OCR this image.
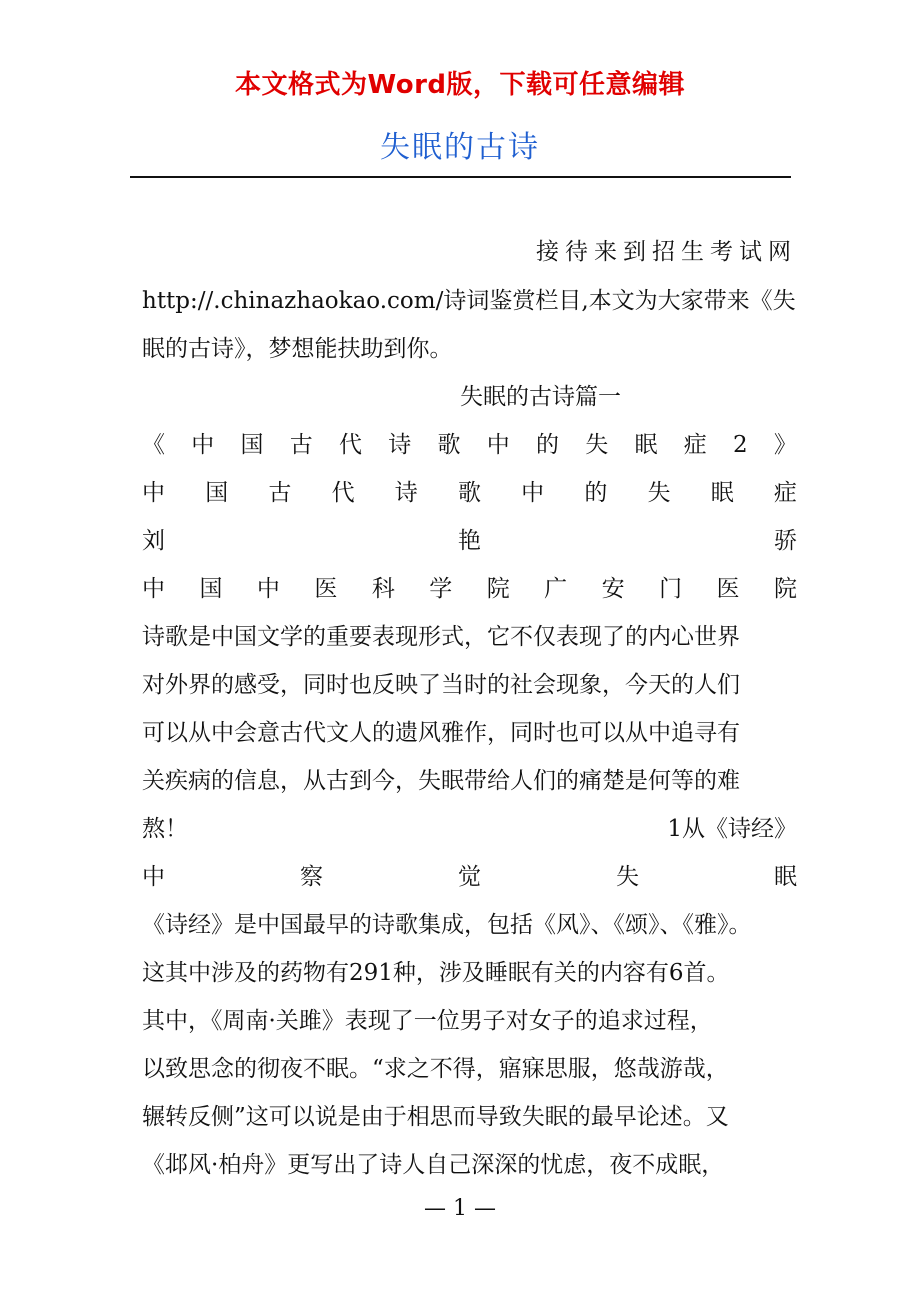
本文格式为Word版，下载可任意编辑
失眠的古诗
接待来到招生考试网
http://.chinazhaokao.com/诗词鉴赏栏目,本文为大家带来《失
眠的古诗》，梦想能扶助到你。
失眠的古诗篇一
《 中 国 古 代 诗 歌 中 的 失 眠 症 2 》
中 国 古 代 诗 歌 中 的 失 眠 症
刘	艳	骄
中 国 中 医 科 学 院 广 安 门 医 院
诗歌是中国文学的重要表现形式，它不仅表现了的内心世界
对外界的感受，同时也反映了当时的社会现象，今天的人们
可以从中会意古代文人的遗风雅作，同时也可以从中追寻有
关疾病的信息，从古到今，失眠带给人们的痛楚是何等的难
熬！	1从《诗经》
中	察	觉	失	眠
《诗经》是中国最早的诗歌集成，包括《风》、《颂》、《雅》。
这其中涉及的药物有291种，涉及睡眠有关的内容有6首。
其中，《周南·关雎》表现了一位男子对女子的追求过程，
以致思念的彻夜不眠。“求之不得，寤寐思服，悠哉游哉，
辗转反侧”这可以说是由于相思而导致失眠的最早论述。又
《邶风·柏舟》更写出了诗人自己深深的忧虑，夜不成眠，
— 1 —
